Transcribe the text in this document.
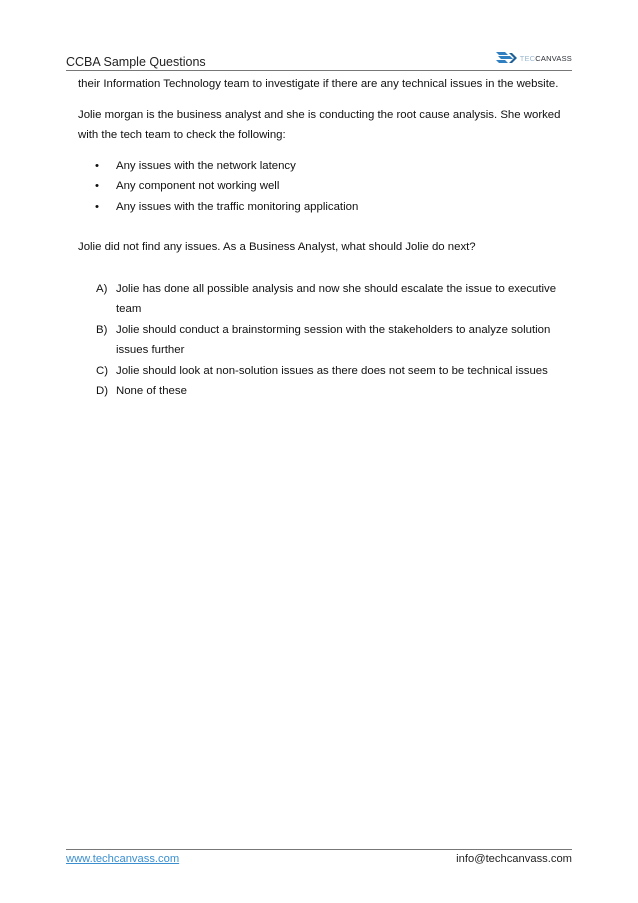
CCBA Sample Questions	TECCANVASS

their Information Technology team to investigate if there are any technical issues in the website.

Jolie morgan is the business analyst and she is conducting the root cause analysis. She worked with the tech team to check the following:

• Any issues with the network latency
• Any component not working well
• Any issues with the traffic monitoring application

Jolie did not find any issues. As a Business Analyst, what should Jolie do next?

A) Jolie has done all possible analysis and now she should escalate the issue to executive team
B) Jolie should conduct a brainstorming session with the stakeholders to analyze solution issues further
C) Jolie should look at non-solution issues as there does not seem to be technical issues
D) None of these
www.techcanvass.com	info@techcanvass.com
